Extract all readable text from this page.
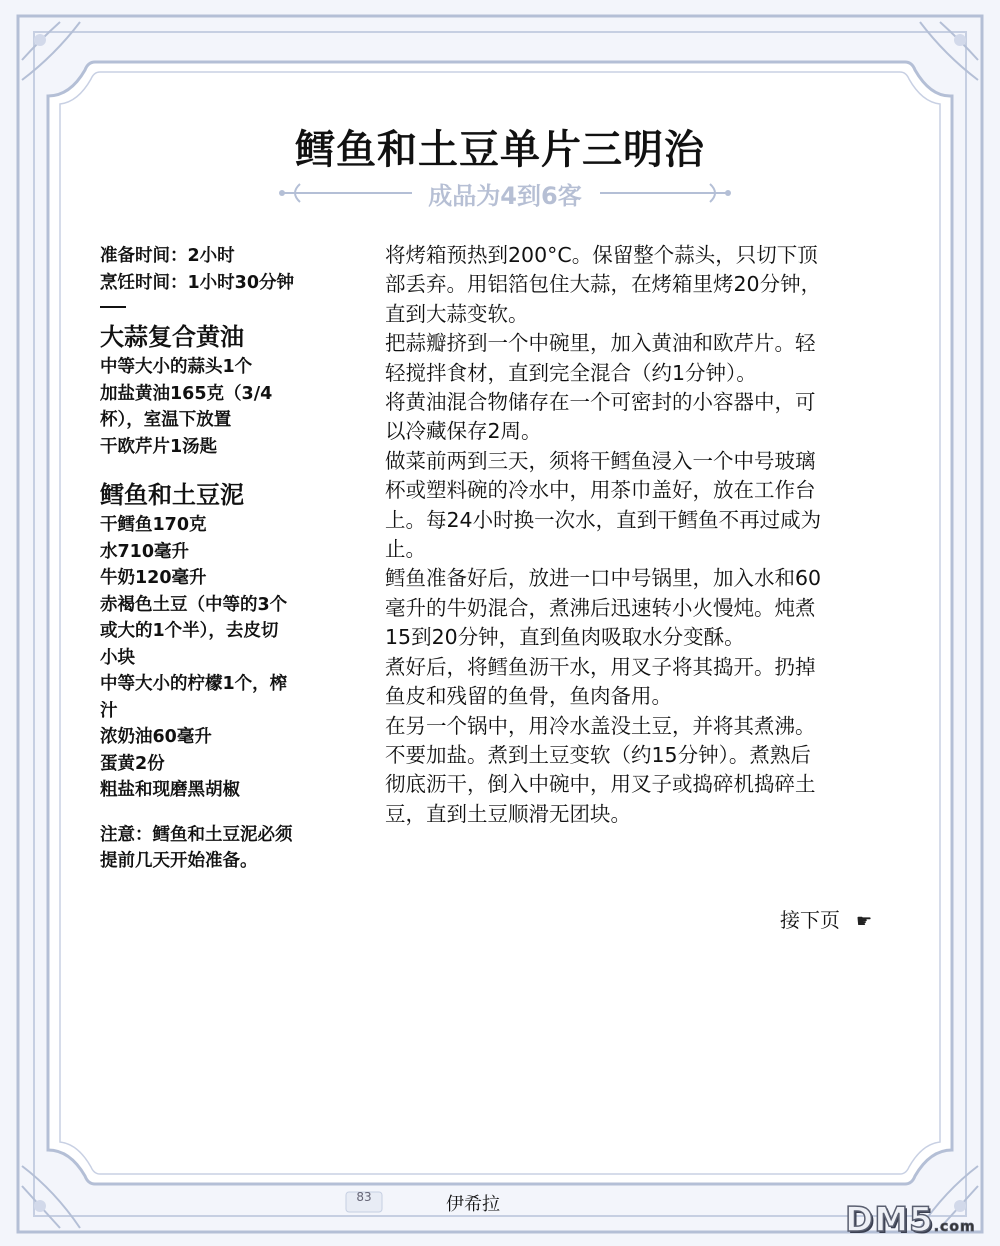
鳕鱼和土豆单片三明治
成品为4到6客
准备时间：2小时
烹饪时间：1小时30分钟
大蒜复合黄油
中等大小的蒜头1个
加盐黄油165克（3/4
杯），室温下放置
干欧芹片1汤匙
鳕鱼和土豆泥
干鳕鱼170克
水710毫升
牛奶120毫升
赤褐色土豆（中等的3个
或大的1个半），去皮切
小块
中等大小的柠檬1个，榨
汁
浓奶油60毫升
蛋黄2份
粗盐和现磨黑胡椒
注意：鳕鱼和土豆泥必须
提前几天开始准备。
将烤箱预热到200°C。保留整个蒜头，只切下顶
部丢弃。用铝箔包住大蒜，在烤箱里烤20分钟，
直到大蒜变软。
把蒜瓣挤到一个中碗里，加入黄油和欧芹片。轻
轻搅拌食材，直到完全混合（约1分钟）。
将黄油混合物储存在一个可密封的小容器中，可
以冷藏保存2周。
做菜前两到三天，须将干鳕鱼浸入一个中号玻璃
杯或塑料碗的冷水中，用茶巾盖好，放在工作台
上。每24小时换一次水，直到干鳕鱼不再过咸为
止。
鳕鱼准备好后，放进一口中号锅里，加入水和60
毫升的牛奶混合，煮沸后迅速转小火慢炖。炖煮
15到20分钟，直到鱼肉吸取水分变酥。
煮好后，将鳕鱼沥干水，用叉子将其捣开。扔掉
鱼皮和残留的鱼骨，鱼肉备用。
在另一个锅中，用冷水盖没土豆，并将其煮沸。
不要加盐。煮到土豆变软（约15分钟）。煮熟后
彻底沥干，倒入中碗中，用叉子或捣碎机捣碎土
豆，直到土豆顺滑无团块。
接下页 ☛
83	伊希拉	DM5.com
